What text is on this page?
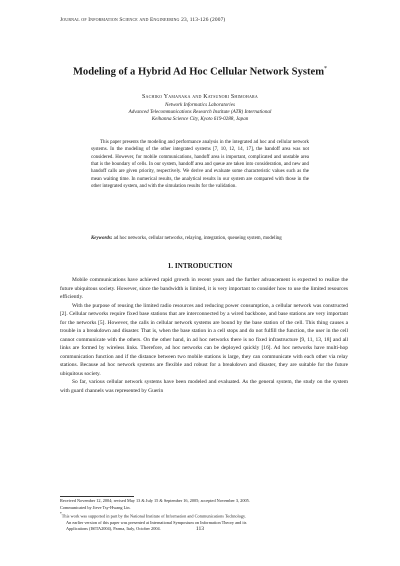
Journal of Information Science and Engineering 23, 113-126 (2007)
Modeling of a Hybrid Ad Hoc Cellular Network System*
Sachiko Yamanaka and Katsunori Shimohara
Network Informatics Laboratories
Advanced Telecommunications Research Institute (ATR) International
Keihanna Science City, Kyoto 619-0288, Japan

This paper presents the modeling and performance analysis in the integrated ad hoc and cellular network systems. In the modeling of the other integrated systems [7, 10, 12, 14, 17], the handoff area was not considered. However, for mobile communications, handoff area is important, complicated and unstable area that is the boundary of cells. In our system, handoff area and queue are taken into consideration, and new and handoff calls are given priority, respectively. We derive and evaluate some characteristic values such as the mean waiting time. In numerical results, the analytical results in our system are compared with those in the other integrated system, and with the simulation results for the validation.

Keywords: ad hoc networks, cellular networks, relaying, integration, queueing system, modeling
1. INTRODUCTION

Mobile communications have achieved rapid growth in recent years and the further advancement is expected to realize the future ubiquitous society. However, since the bandwidth is limited, it is very important to consider how to use the limited resources efficiently.

With the purpose of reusing the limited radio resources and reducing power consumption, a cellular network was constructed [2]. Cellular networks require fixed base stations that are interconnected by a wired backbone, and base stations are very important for the networks [5]. However, the calls in cellular network systems are bound by the base station of the cell. This thing causes a trouble in a breakdown and disaster. That is, when the base station in a cell stops and do not fulfill the function, the user in the cell cannot communicate with the others. On the other hand, in ad hoc networks there is no fixed infrastructure [9, 11, 13, 18] and all links are formed by wireless links. Therefore, ad hoc networks can be deployed quickly [16]. Ad hoc networks have multi-hop communication function and if the distance between two mobile stations is large, they can communicate with each other via relay stations. Because ad hoc network systems are flexible and robust for a breakdown and disaster, they are suitable for the future ubiquitous society.

So far, various cellular network systems have been modeled and evaluated. As the general system, the study on the system with guard channels was represented by Guerin

Received November 12, 2004; revised May 13 & July 15 & September 16, 2005; accepted November 3, 2005.
Communicated by Jieve Tsy-Hwang Lin.
*This work was supported in part by the National Institute of Information and Communications Technology.
An earlier version of this paper was presented at International Symposium on Information Theory and its
Applications (ISITA2004), Parma, Italy, October 2004.	113
